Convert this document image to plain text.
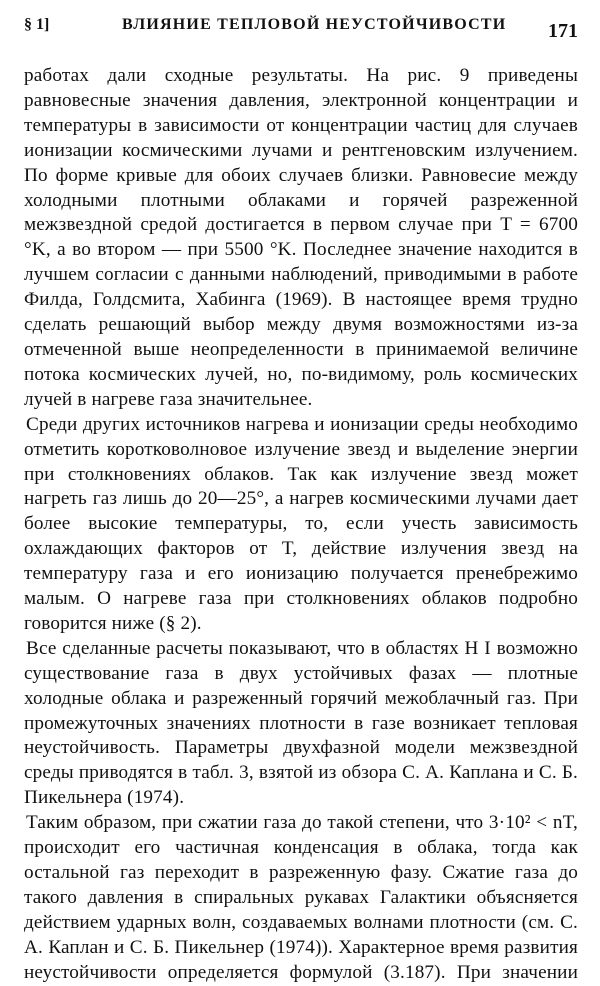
§ 1]	ВЛИЯНИЕ ТЕПЛОВОЙ НЕУСТОЙЧИВОСТИ 171

работах дали сходные результаты. На рис. 9 приведены равновесные значения давления, электронной концентрации и температуры в зависимости от концентрации частиц для случаев ионизации космическими лучами и рентгеновским излучением. По форме кривые для обоих случаев близки. Равновесие между холодными плотными облаками и горячей разреженной межзвездной средой достигается в первом случае при T = 6700 °K, а во втором — при 5500 °K. Последнее значение находится в лучшем согласии с данными наблюдений, приводимыми в работе Филда, Голдсмита, Хабинга (1969). В настоящее время трудно сделать решающий выбор между двумя возможностями из-за отмеченной выше неопределенности в принимаемой величине потока космических лучей, но, по-видимому, роль космических лучей в нагреве газа значительнее.

Среди других источников нагрева и ионизации среды необходимо отметить коротковолновое излучение звезд и выделение энергии при столкновениях облаков. Так как излучение звезд может нагреть газ лишь до 20—25°, а нагрев космическими лучами дает более высокие температуры, то, если учесть зависимость охлаждающих факторов от T, действие излучения звезд на температуру газа и его ионизацию получается пренебрежимо малым. О нагреве газа при столкновениях облаков подробно говорится ниже (§ 2).

Все сделанные расчеты показывают, что в областях H I возможно существование газа в двух устойчивых фазах — плотные холодные облака и разреженный горячий межоблачный газ. При промежуточных значениях плотности в газе возникает тепловая неустойчивость. Параметры двухфазной модели межзвездной среды приводятся в табл. 3, взятой из обзора С. А. Каплана и С. Б. Пикельнера (1974).

Таким образом, при сжатии газа до такой степени, что 3·10² < nT, происходит его частичная конденсация в облака, тогда как остальной газ переходит в разреженную фазу. Сжатие газа до такого давления в спиральных рукавах Галактики объясняется действием ударных волн, создаваемых волнами плотности (см. С. А. Каплан и С. Б. Пикельнер (1974)). Характерное время развития неустойчивости определяется формулой (3.187). При значении
